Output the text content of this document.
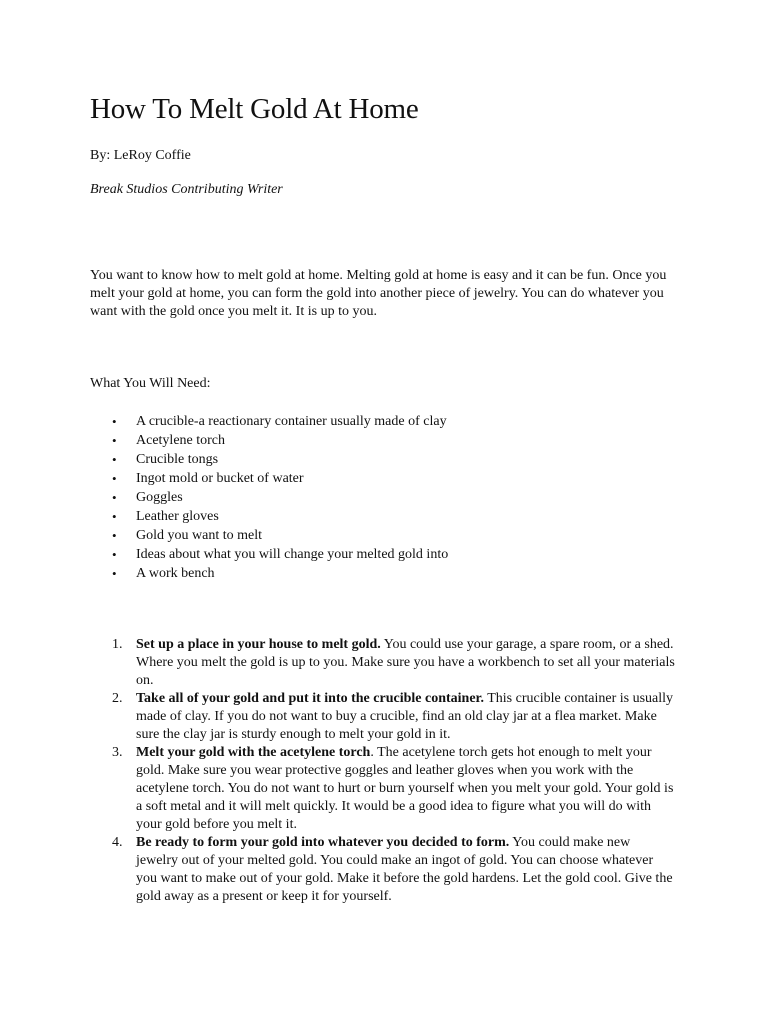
How To Melt Gold At Home
By: LeRoy Coffie
Break Studios Contributing Writer

You want to know how to melt gold at home. Melting gold at home is easy and it can be fun. Once you melt your gold at home, you can form the gold into another piece of jewelry. You can do whatever you want with the gold once you melt it. It is up to you.

What You Will Need:
• A crucible-a reactionary container usually made of clay
• Acetylene torch
• Crucible tongs
• Ingot mold or bucket of water
• Goggles
• Leather gloves
• Gold you want to melt
• Ideas about what you will change your melted gold into
• A work bench
1. Set up a place in your house to melt gold. You could use your garage, a spare room, or a shed. Where you melt the gold is up to you. Make sure you have a workbench to set all your materials on.
2. Take all of your gold and put it into the crucible container. This crucible container is usually made of clay. If you do not want to buy a crucible, find an old clay jar at a flea market. Make sure the clay jar is sturdy enough to melt your gold in it.
3. Melt your gold with the acetylene torch. The acetylene torch gets hot enough to melt your gold. Make sure you wear protective goggles and leather gloves when you work with the acetylene torch. You do not want to hurt or burn yourself when you melt your gold. Your gold is a soft metal and it will melt quickly. It would be a good idea to figure what you will do with your gold before you melt it.
4. Be ready to form your gold into whatever you decided to form. You could make new jewelry out of your melted gold. You could make an ingot of gold. You can choose whatever you want to make out of your gold. Make it before the gold hardens. Let the gold cool. Give the gold away as a present or keep it for yourself.
